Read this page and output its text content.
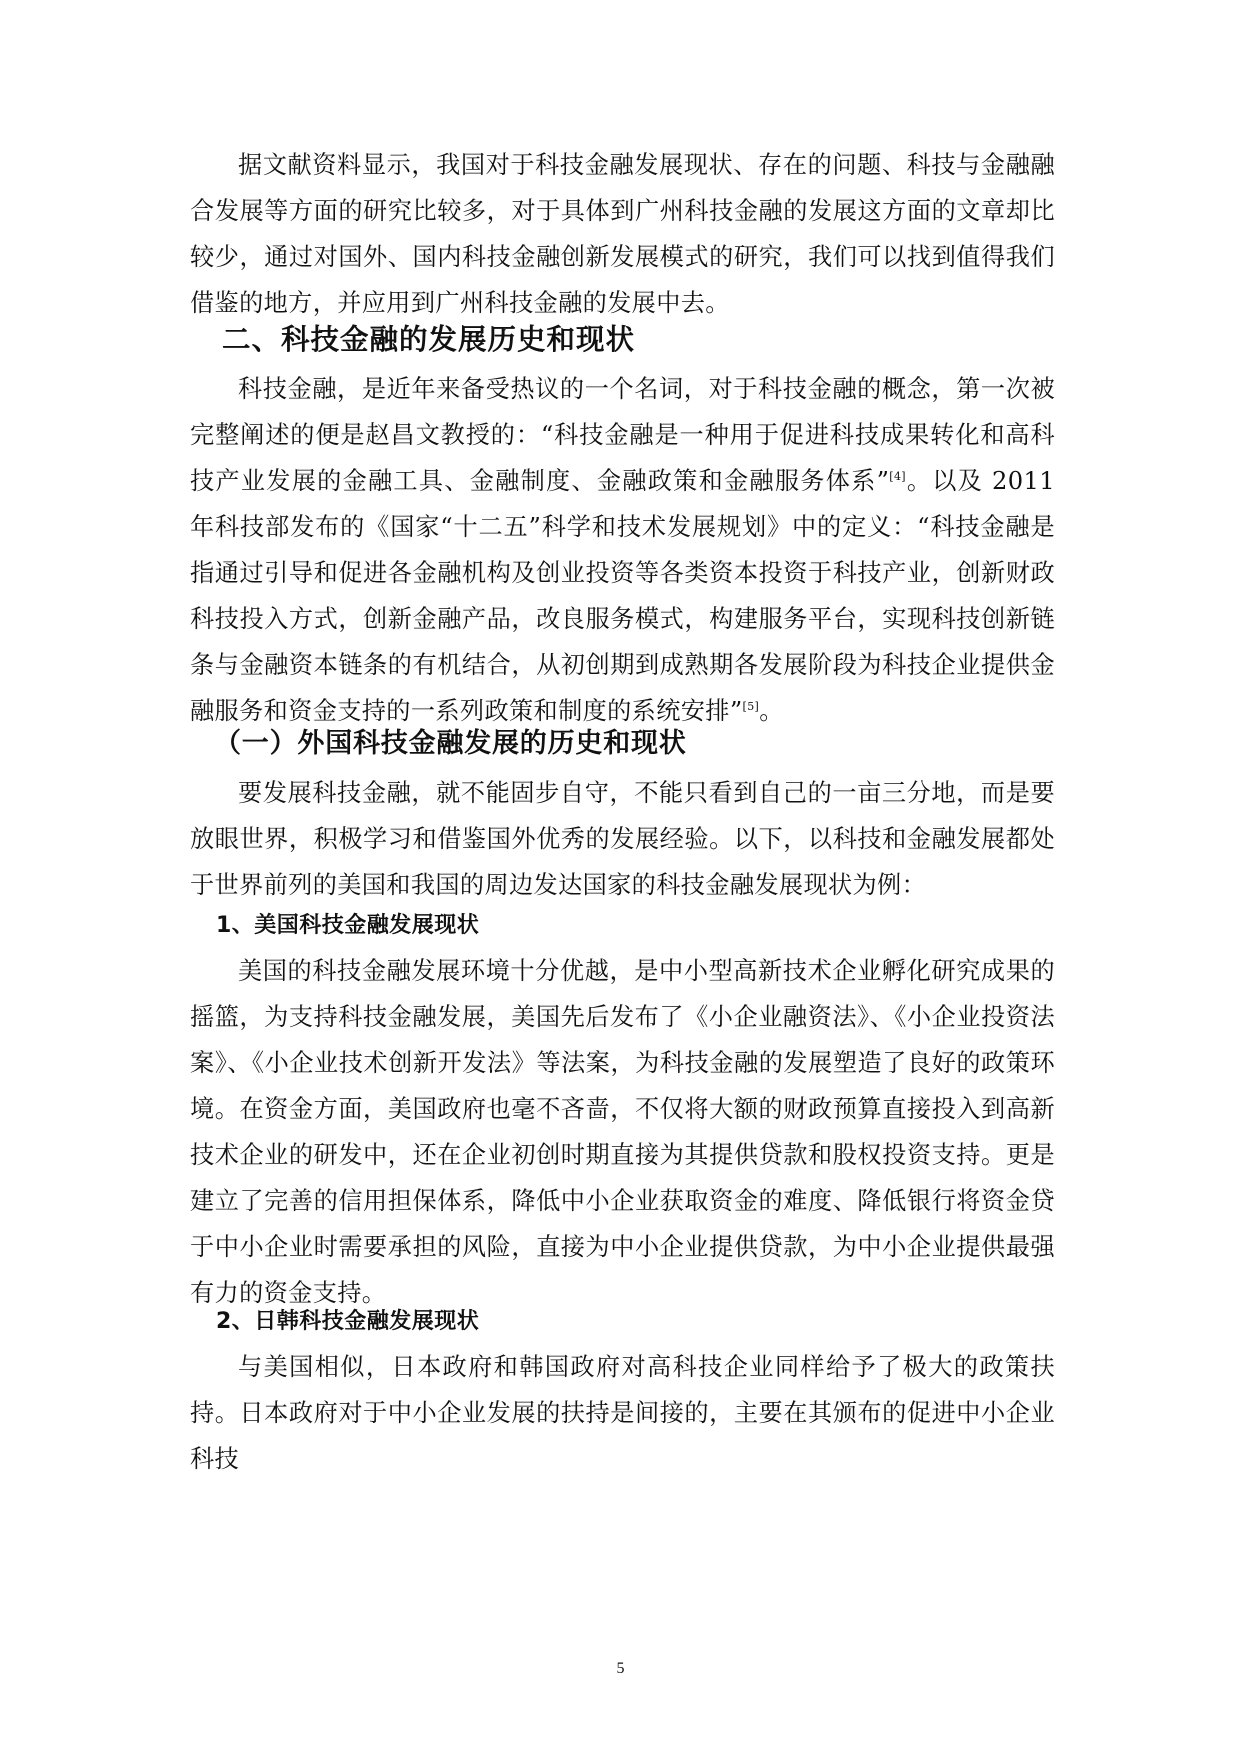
据文献资料显示，我国对于科技金融发展现状、存在的问题、科技与金融融合发展等方面的研究比较多，对于具体到广州科技金融的发展这方面的文章却比较少，通过对国外、国内科技金融创新发展模式的研究，我们可以找到值得我们借鉴的地方，并应用到广州科技金融的发展中去。

二、科技金融的发展历史和现状

科技金融，是近年来备受热议的一个名词，对于科技金融的概念，第一次被完整阐述的便是赵昌文教授的：“科技金融是一种用于促进科技成果转化和高科技产业发展的金融工具、金融制度、金融政策和金融服务体系”[4]。以及 2011 年科技部发布的《国家“十二五”科学和技术发展规划》中的定义：“科技金融是指通过引导和促进各金融机构及创业投资等各类资本投资于科技产业，创新财政科技投入方式，创新金融产品，改良服务模式，构建服务平台，实现科技创新链条与金融资本链条的有机结合，从初创期到成熟期各发展阶段为科技企业提供金融服务和资金支持的一系列政策和制度的系统安排”[5]。

（一）外国科技金融发展的历史和现状

要发展科技金融，就不能固步自守，不能只看到自己的一亩三分地，而是要放眼世界，积极学习和借鉴国外优秀的发展经验。以下，以科技和金融发展都处于世界前列的美国和我国的周边发达国家的科技金融发展现状为例：

1、美国科技金融发展现状

美国的科技金融发展环境十分优越，是中小型高新技术企业孵化研究成果的摇篮，为支持科技金融发展，美国先后发布了《小企业融资法》、《小企业投资法案》、《小企业技术创新开发法》等法案，为科技金融的发展塑造了良好的政策环境。在资金方面，美国政府也毫不吝啬，不仅将大额的财政预算直接投入到高新技术企业的研发中，还在企业初创时期直接为其提供贷款和股权投资支持。更是建立了完善的信用担保体系，降低中小企业获取资金的难度、降低银行将资金贷于中小企业时需要承担的风险，直接为中小企业提供贷款，为中小企业提供最强有力的资金支持。

2、日韩科技金融发展现状

与美国相似，日本政府和韩国政府对高科技企业同样给予了极大的政策扶持。日本政府对于中小企业发展的扶持是间接的，主要在其颁布的促进中小企业科技

5
